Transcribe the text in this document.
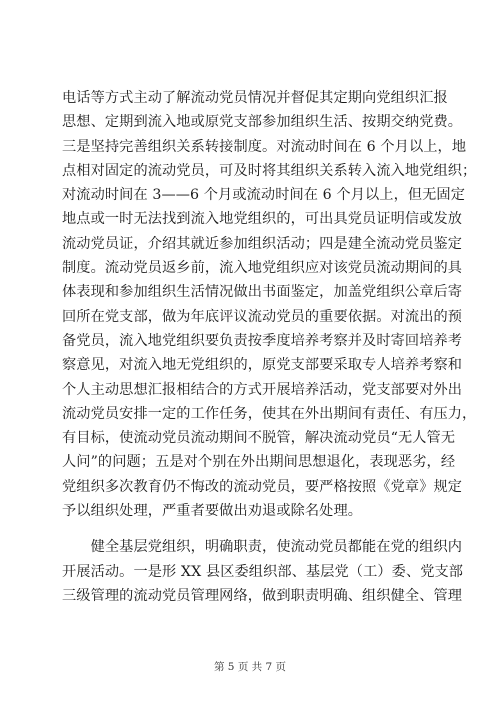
电话等方式主动了解流动党员情况并督促其定期向党组织汇报
思想、定期到流入地或原党支部参加组织生活、按期交纳党费。
三是坚持完善组织关系转接制度。对流动时间在 6 个月以上，地
点相对固定的流动党员，可及时将其组织关系转入流入地党组织；
对流动时间在 3——6 个月或流动时间在 6 个月以上，但无固定
地点或一时无法找到流入地党组织的，可出具党员证明信或发放
流动党员证，介绍其就近参加组织活动；四是建全流动党员鉴定
制度。流动党员返乡前，流入地党组织应对该党员流动期间的具
体表现和参加组织生活情况做出书面鉴定，加盖党组织公章后寄
回所在党支部，做为年底评议流动党员的重要依据。对流出的预
备党员，流入地党组织要负责按季度培养考察并及时寄回培养考
察意见，对流入地无党组织的，原党支部要采取专人培养考察和
个人主动思想汇报相结合的方式开展培养活动，党支部要对外出
流动党员安排一定的工作任务，使其在外出期间有责任、有压力，
有目标，使流动党员流动期间不脱管，解决流动党员“无人管无
人问”的问题；五是对个别在外出期间思想退化，表现恶劣，经
党组织多次教育仍不悔改的流动党员，要严格按照《党章》规定
予以组织处理，严重者要做出劝退或除名处理。
　　健全基层党组织，明确职责，使流动党员都能在党的组织内
开展活动。一是形 XX 县区委组织部、基层党（工）委、党支部
三级管理的流动党员管理网络，做到职责明确、组织健全、管理
第 5 页 共 7 页
